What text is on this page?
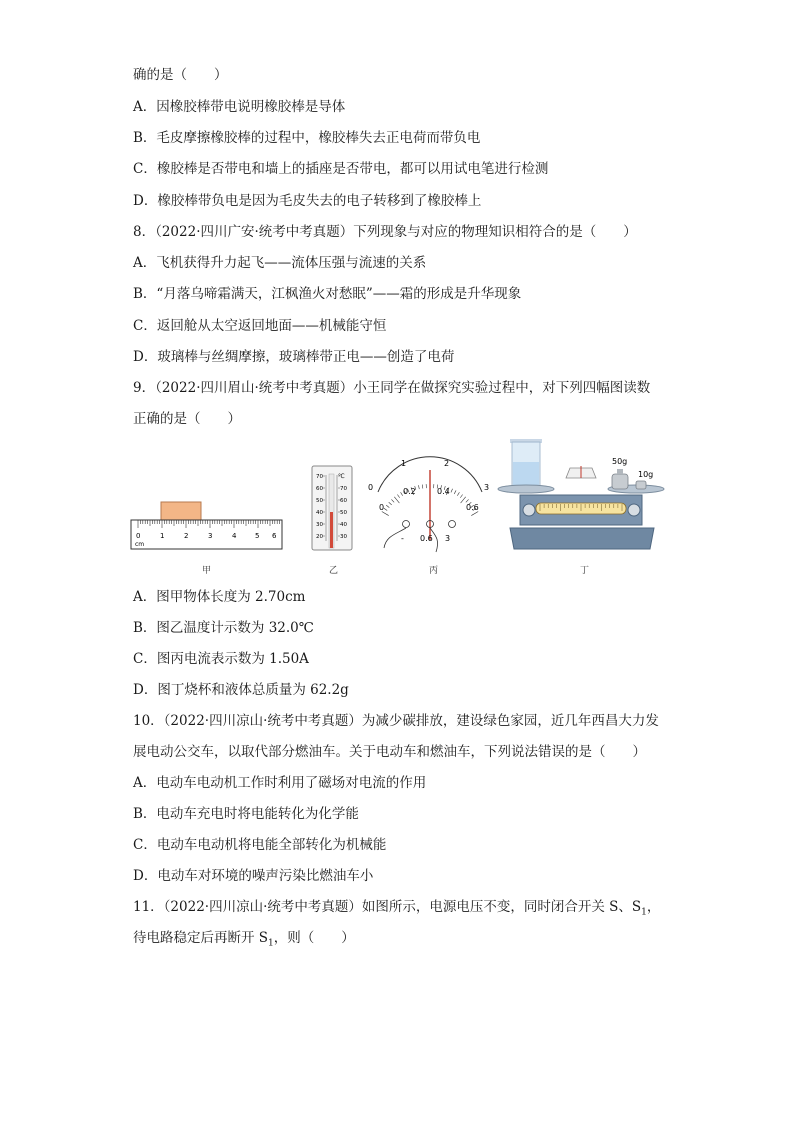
确的是（　　）
A．因橡胶棒带电说明橡胶棒是导体
B．毛皮摩擦橡胶棒的过程中，橡胶棒失去正电荷而带负电
C．橡胶棒是否带电和墙上的插座是否带电，都可以用试电笔进行检测
D．橡胶棒带负电是因为毛皮失去的电子转移到了橡胶棒上
8．（2022·四川广安·统考中考真题）下列现象与对应的物理知识相符合的是（　　）
A．飞机获得升力起飞——流体压强与流速的关系
B．“月落乌啼霜满天，江枫渔火对愁眠”——霜的形成是升华现象
C．返回舱从太空返回地面——机械能守恒
D．玻璃棒与丝绸摩擦，玻璃棒带正电——创造了电荷
9．（2022·四川眉山·统考中考真题）小王同学在做探究实验过程中，对下列四幅图读数
正确的是（　　）
0	1	2	3	4	5 6
cm
℃
70
60
50
40
30
20
70
60
50
40
30
0
1	2
3
0
0.2	0.4
0.6
- 0.6 3
50g
10g
甲	乙	丙	丁
A．图甲物体长度为 2.70cm
B．图乙温度计示数为 32.0℃
C．图丙电流表示数为 1.50A
D．图丁烧杯和液体总质量为 62.2g
10．（2022·四川凉山·统考中考真题）为减少碳排放，建设绿色家园，近几年西昌大力发
展电动公交车，以取代部分燃油车。关于电动车和燃油车，下列说法错误的是（　　）
A．电动车电动机工作时利用了磁场对电流的作用
B．电动车充电时将电能转化为化学能
C．电动车电动机将电能全部转化为机械能
D．电动车对环境的噪声污染比燃油车小
11．（2022·四川凉山·统考中考真题）如图所示，电源电压不变，同时闭合开关 S、$S_1$，
待电路稳定后再断开 $S_1$，则（　　）
